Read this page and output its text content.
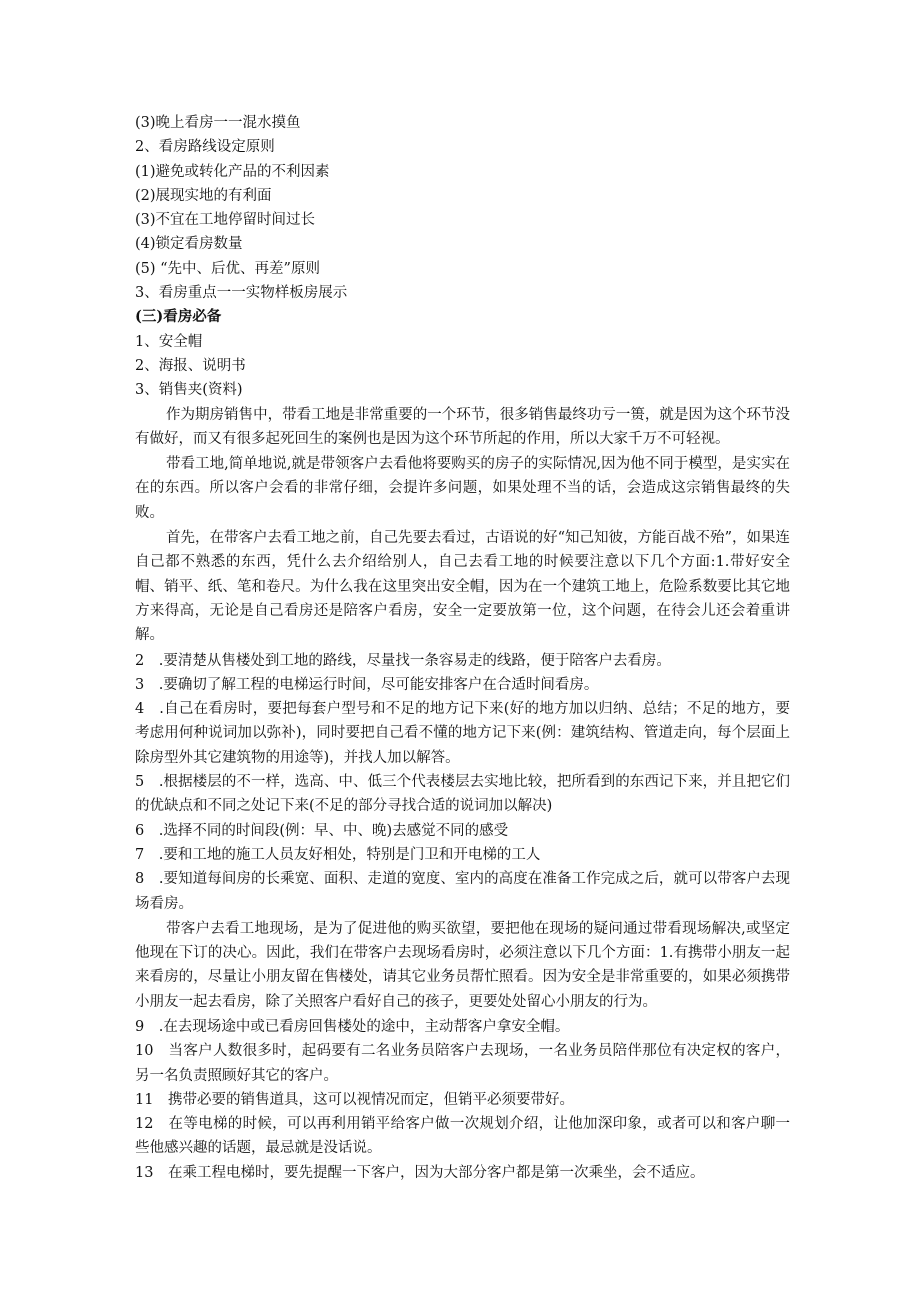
(3)晚上看房一一混水摸鱼
2、看房路线设定原则
(1)避免或转化产品的不利因素
(2)展现实地的有利面
(3)不宜在工地停留时间过长
(4)锁定看房数量
(5) “先中、后优、再差”原则
3、看房重点一一实物样板房展示
(三)看房必备
1、安全帽
2、海报、说明书
3、销售夹(资料)

作为期房销售中，带看工地是非常重要的一个环节，很多销售最终功亏一篑，就是因为这个环节没有做好，而又有很多起死回生的案例也是因为这个环节所起的作用，所以大家千万不可轻视。

带看工地,简单地说,就是带领客户去看他将要购买的房子的实际情况,因为他不同于模型，是实实在在的东西。所以客户会看的非常仔细，会提许多问题，如果处理不当的话，会造成这宗销售最终的失败。

首先，在带客户去看工地之前，自己先要去看过，古语说的好“知己知彼，方能百战不殆”，如果连自己都不熟悉的东西，凭什么去介绍给别人，自己去看工地的时候要注意以下几个方面:1.带好安全帽、销平、纸、笔和卷尺。为什么我在这里突出安全帽，因为在一个建筑工地上，危险系数要比其它地方来得高，无论是自己看房还是陪客户看房，安全一定要放第一位，这个问题，在待会儿还会着重讲解。

2　.要清楚从售楼处到工地的路线，尽量找一条容易走的线路，便于陪客户去看房。

3　.要确切了解工程的电梯运行时间，尽可能安排客户在合适时间看房。

4　.自己在看房时，要把每套户型号和不足的地方记下来(好的地方加以归纳、总结；不足的地方，要考虑用何种说词加以弥补)，同时要把自己看不懂的地方记下来(例：建筑结构、管道走向，每个层面上除房型外其它建筑物的用途等)，并找人加以解答。

5　.根据楼层的不一样，选高、中、低三个代表楼层去实地比较，把所看到的东西记下来，并且把它们的优缺点和不同之处记下来(不足的部分寻找合适的说词加以解决)

6　.选择不同的时间段(例：早、中、晚)去感觉不同的感受

7　.要和工地的施工人员友好相处，特别是门卫和开电梯的工人

8　.要知道每间房的长乘宽、面积、走道的宽度、室内的高度在准备工作完成之后，就可以带客户去现场看房。

带客户去看工地现场，是为了促进他的购买欲望，要把他在现场的疑问通过带看现场解决,或坚定他现在下订的决心。因此，我们在带客户去现场看房时，必须注意以下几个方面：1.有携带小朋友一起来看房的，尽量让小朋友留在售楼处，请其它业务员帮忙照看。因为安全是非常重要的，如果必须携带小朋友一起去看房，除了关照客户看好自己的孩子，更要处处留心小朋友的行为。

9　.在去现场途中或已看房回售楼处的途中，主动帮客户拿安全帽。

10　当客户人数很多时，起码要有二名业务员陪客户去现场，一名业务员陪伴那位有决定权的客户，另一名负责照顾好其它的客户。

11　携带必要的销售道具，这可以视情况而定，但销平必须要带好。

12　在等电梯的时候，可以再利用销平给客户做一次规划介绍，让他加深印象，或者可以和客户聊一些他感兴趣的话题，最忌就是没话说。

13　在乘工程电梯时，要先提醒一下客户，因为大部分客户都是第一次乘坐，会不适应。
